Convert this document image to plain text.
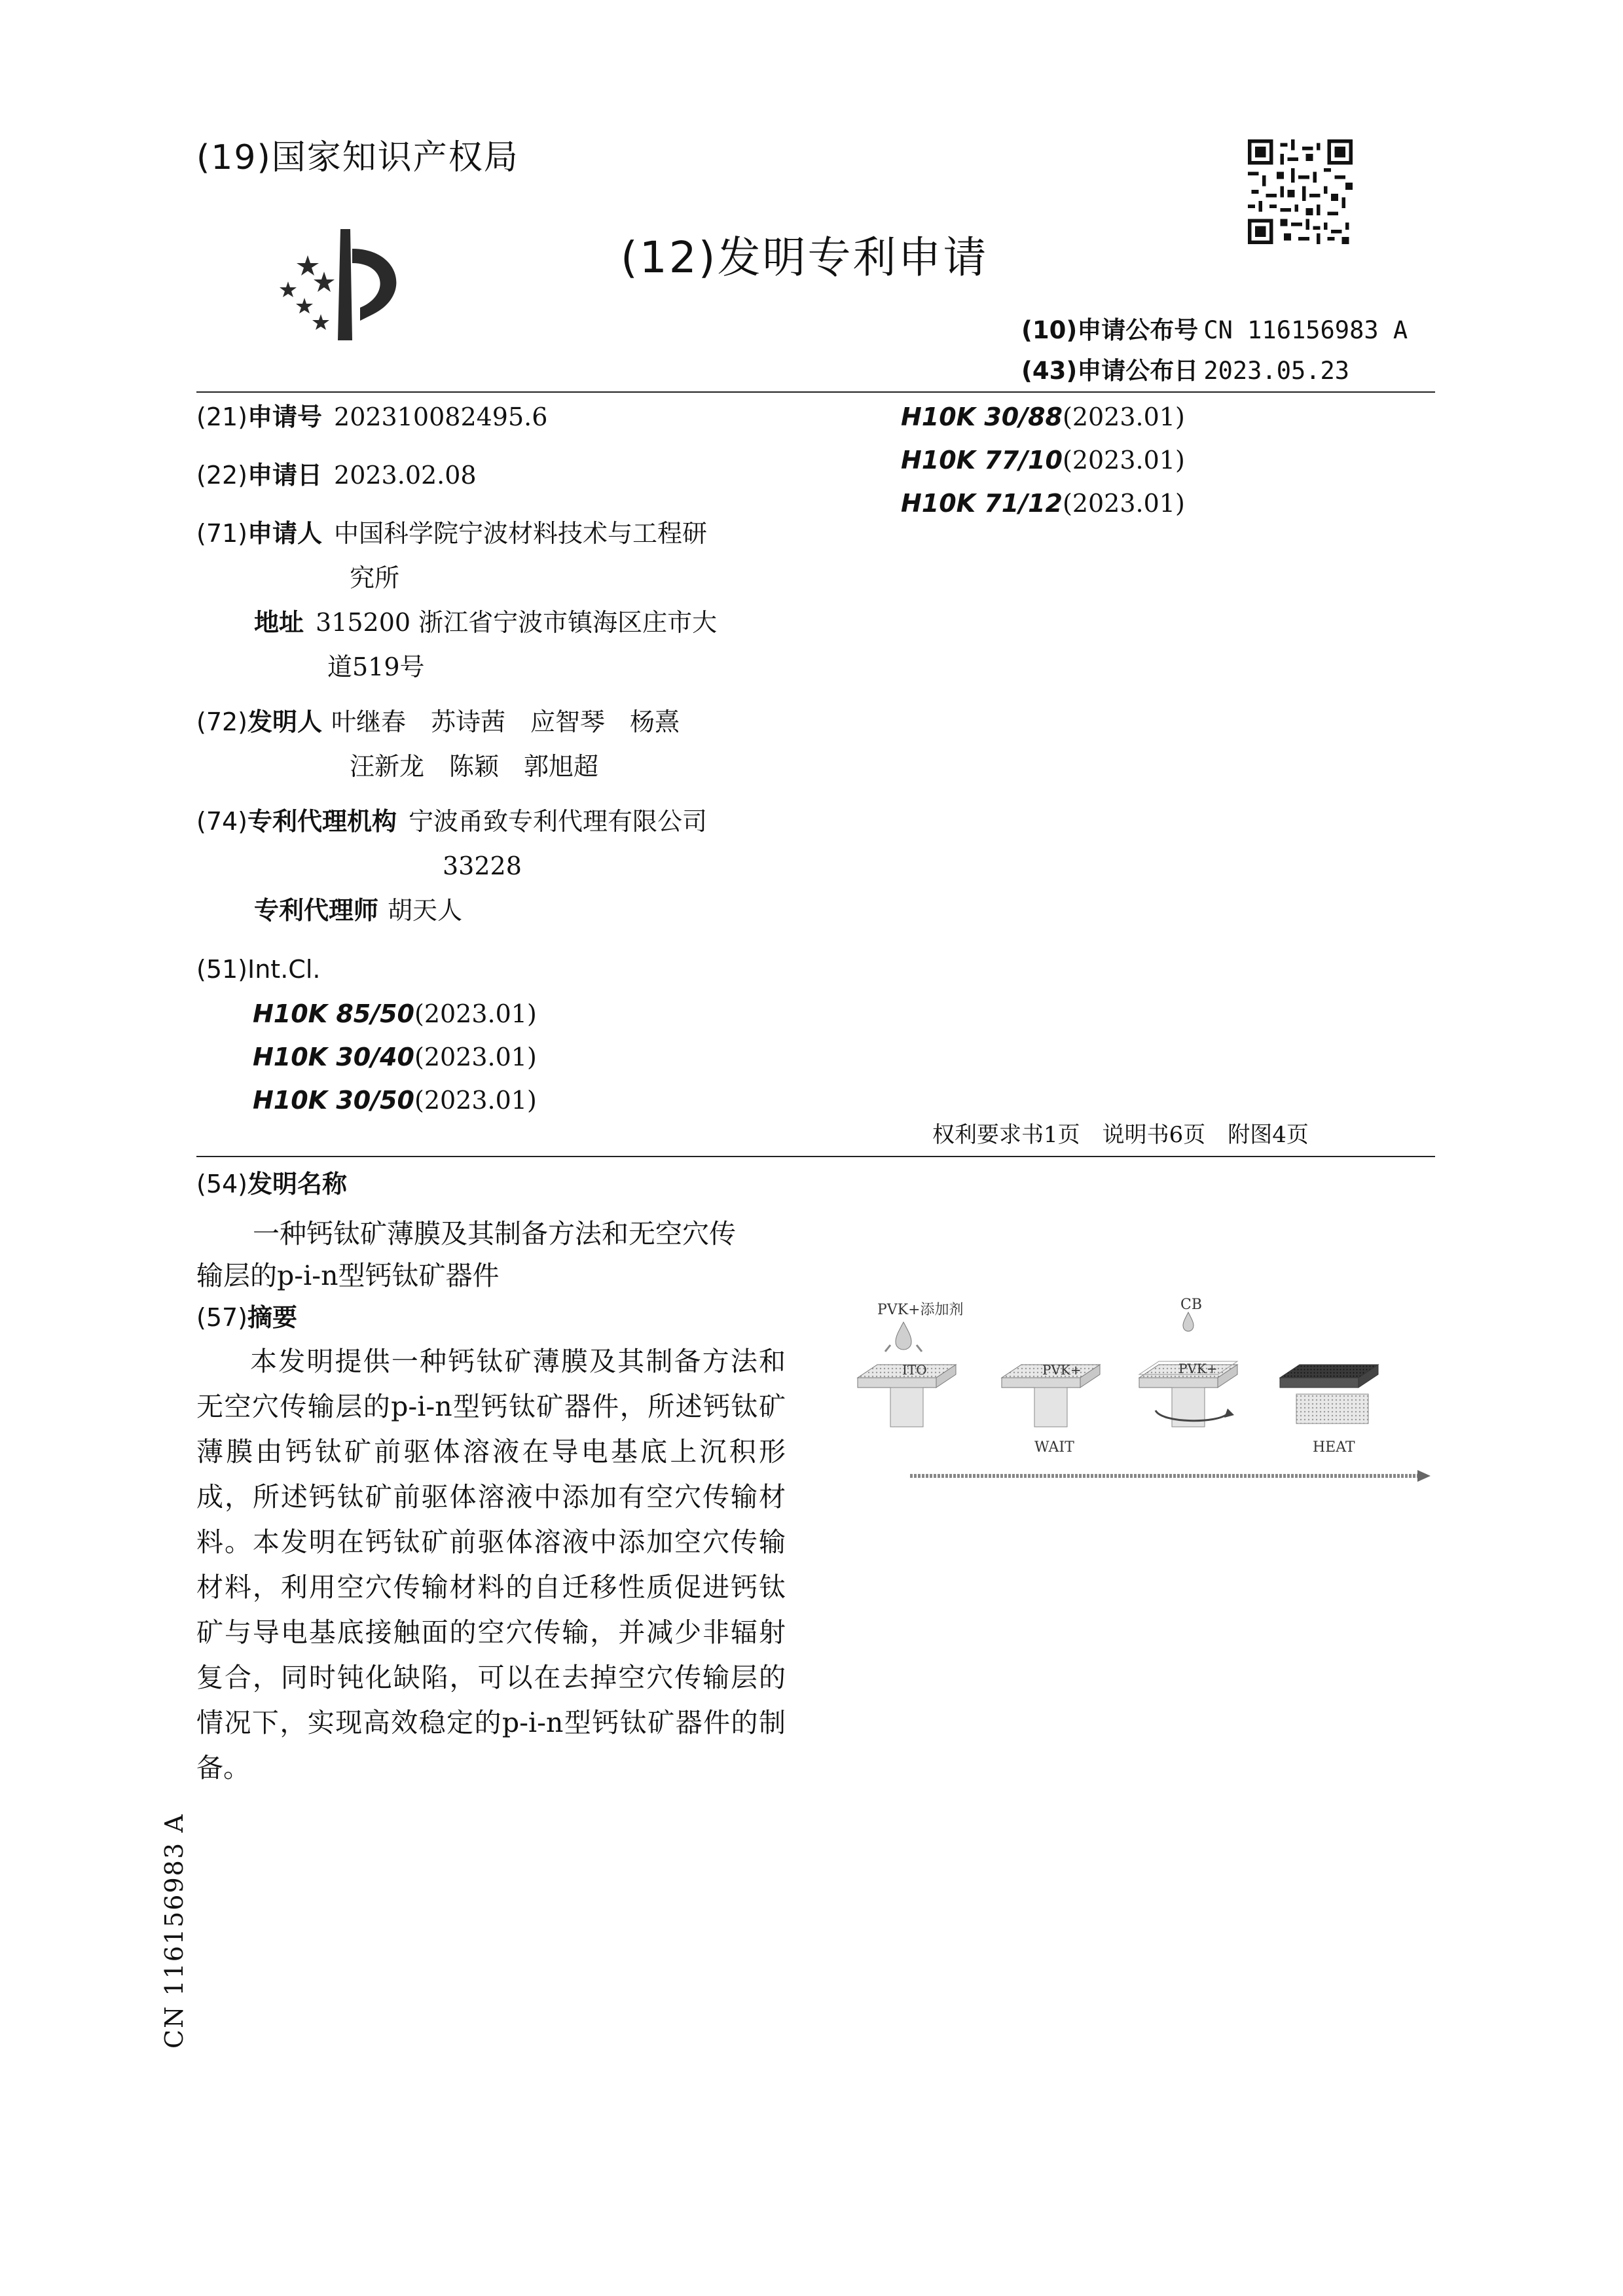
(19)国家知识产权局
(12)发明专利申请
(10)申请公布号 CN 116156983 A
(43)申请公布日 2023.05.23
(21)申请号 202310082495.6
(22)申请日 2023.02.08
(71)申请人 中国科学院宁波材料技术与工程研
究所
地址 315200 浙江省宁波市镇海区庄市大
道519号
(72)发明人 叶继春　苏诗茜　应智琴　杨熹
汪新龙　陈颖　郭旭超
(74)专利代理机构 宁波甬致专利代理有限公司
33228
专利代理师 胡天人
(51)Int.Cl.
H10K 85/50(2023.01)
H10K 30/40(2023.01)
H10K 30/50(2023.01)
H10K 30/88(2023.01)
H10K 77/10(2023.01)
H10K 71/12(2023.01)
权利要求书1页　说明书6页　附图4页
(54)发明名称
一种钙钛矿薄膜及其制备方法和无空穴传
输层的p-i-n型钙钛矿器件
(57)摘要
本发明提供一种钙钛矿薄膜及其制备方法和无空穴传输层的p-i-n型钙钛矿器件，所述钙钛矿薄膜由钙钛矿前驱体溶液在导电基底上沉积形成，所述钙钛矿前驱体溶液中添加有空穴传输材料。本发明在钙钛矿前驱体溶液中添加空穴传输材料，利用空穴传输材料的自迁移性质促进钙钛矿与导电基底接触面的空穴传输，并减少非辐射复合，同时钝化缺陷，可以在去掉空穴传输层的情况下，实现高效稳定的p-i-n型钙钛矿器件的制备。
PVK+添加剂
ITO	PVK+	PVK+
CB
WAIT	HEAT
CN 116156983 A
